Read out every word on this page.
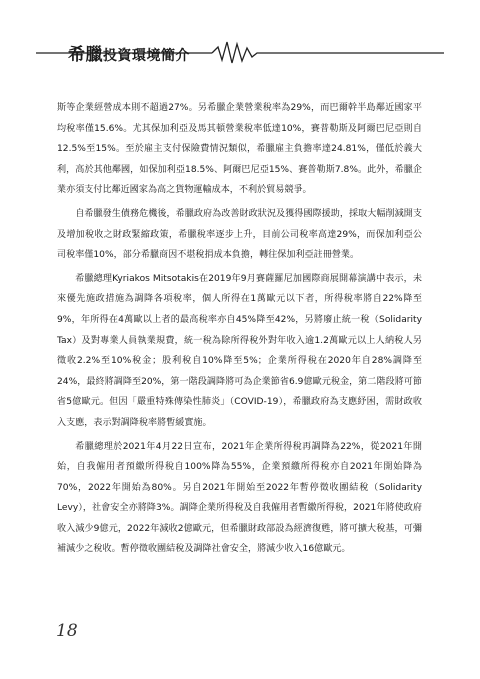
希臘投資環境簡介

斯等企業經營成本則不超過27%。另希臘企業營業稅率為29%，而巴爾幹半島鄰近國家平均稅率僅15.6%。尤其保加利亞及馬其頓營業稅率低達10%，賽普勒斯及阿爾巴尼亞則自12.5%至15%。至於雇主支付保險費情況類似，希臘雇主負擔率達24.81%，僅低於義大利，高於其他鄰國，如保加利亞18.5%、阿爾巴尼亞15%、賽普勒斯7.8%。此外，希臘企業亦須支付比鄰近國家為高之貨物運輸成本，不利於貿易競爭。

自希臘發生債務危機後，希臘政府為改善財政狀況及獲得國際援助，採取大幅削減開支及增加稅收之財政緊縮政策，希臘稅率逐步上升，目前公司稅率高達29%，而保加利亞公司稅率僅10%，部分希臘商因不堪稅捐成本負擔，轉往保加利亞註冊營業。

希臘總理Kyriakos Mitsotakis在2019年9月賽薩羅尼加國際商展開幕演講中表示，未來優先施政措施為調降各項稅率，個人所得在1萬歐元以下者，所得稅率將自22%降至9%，年所得在4萬歐以上者的最高稅率亦自45%降至42%，另將廢止統一稅（Solidarity Tax）及對專業人員執業規費，統一稅為除所得稅外對年收入逾1.2萬歐元以上人納稅人另徵收2.2%至10%稅金；股利稅自10%降至5%；企業所得稅在2020年自28%調降至24%，最終將調降至20%，第一階段調降將可為企業節省6.9億歐元稅金，第二階段將可節省5億歐元。但因「嚴重特殊傳染性肺炎」（COVID-19），希臘政府為支應紓困，需財政收入支應，表示對調降稅率將暫緩實施。

希臘總理於2021年4月22日宣布，2021年企業所得稅再調降為22%，從2021年開始，自我僱用者預繳所得稅自100%降為55%，企業預繳所得稅亦自2021年開始降為70%，2022年開始為80%。另自2021年開始至2022年暫停徵收團結稅（Solidarity Levy），社會安全亦將降3%。調降企業所得稅及自我僱用者暫繳所得稅，2021年將使政府收入減少9億元，2022年減收2億歐元，但希臘財政部設為經濟復甦，將可擴大稅基，可彌補減少之稅收。暫停徵收團結稅及調降社會安全，將減少收入16億歐元。

18
